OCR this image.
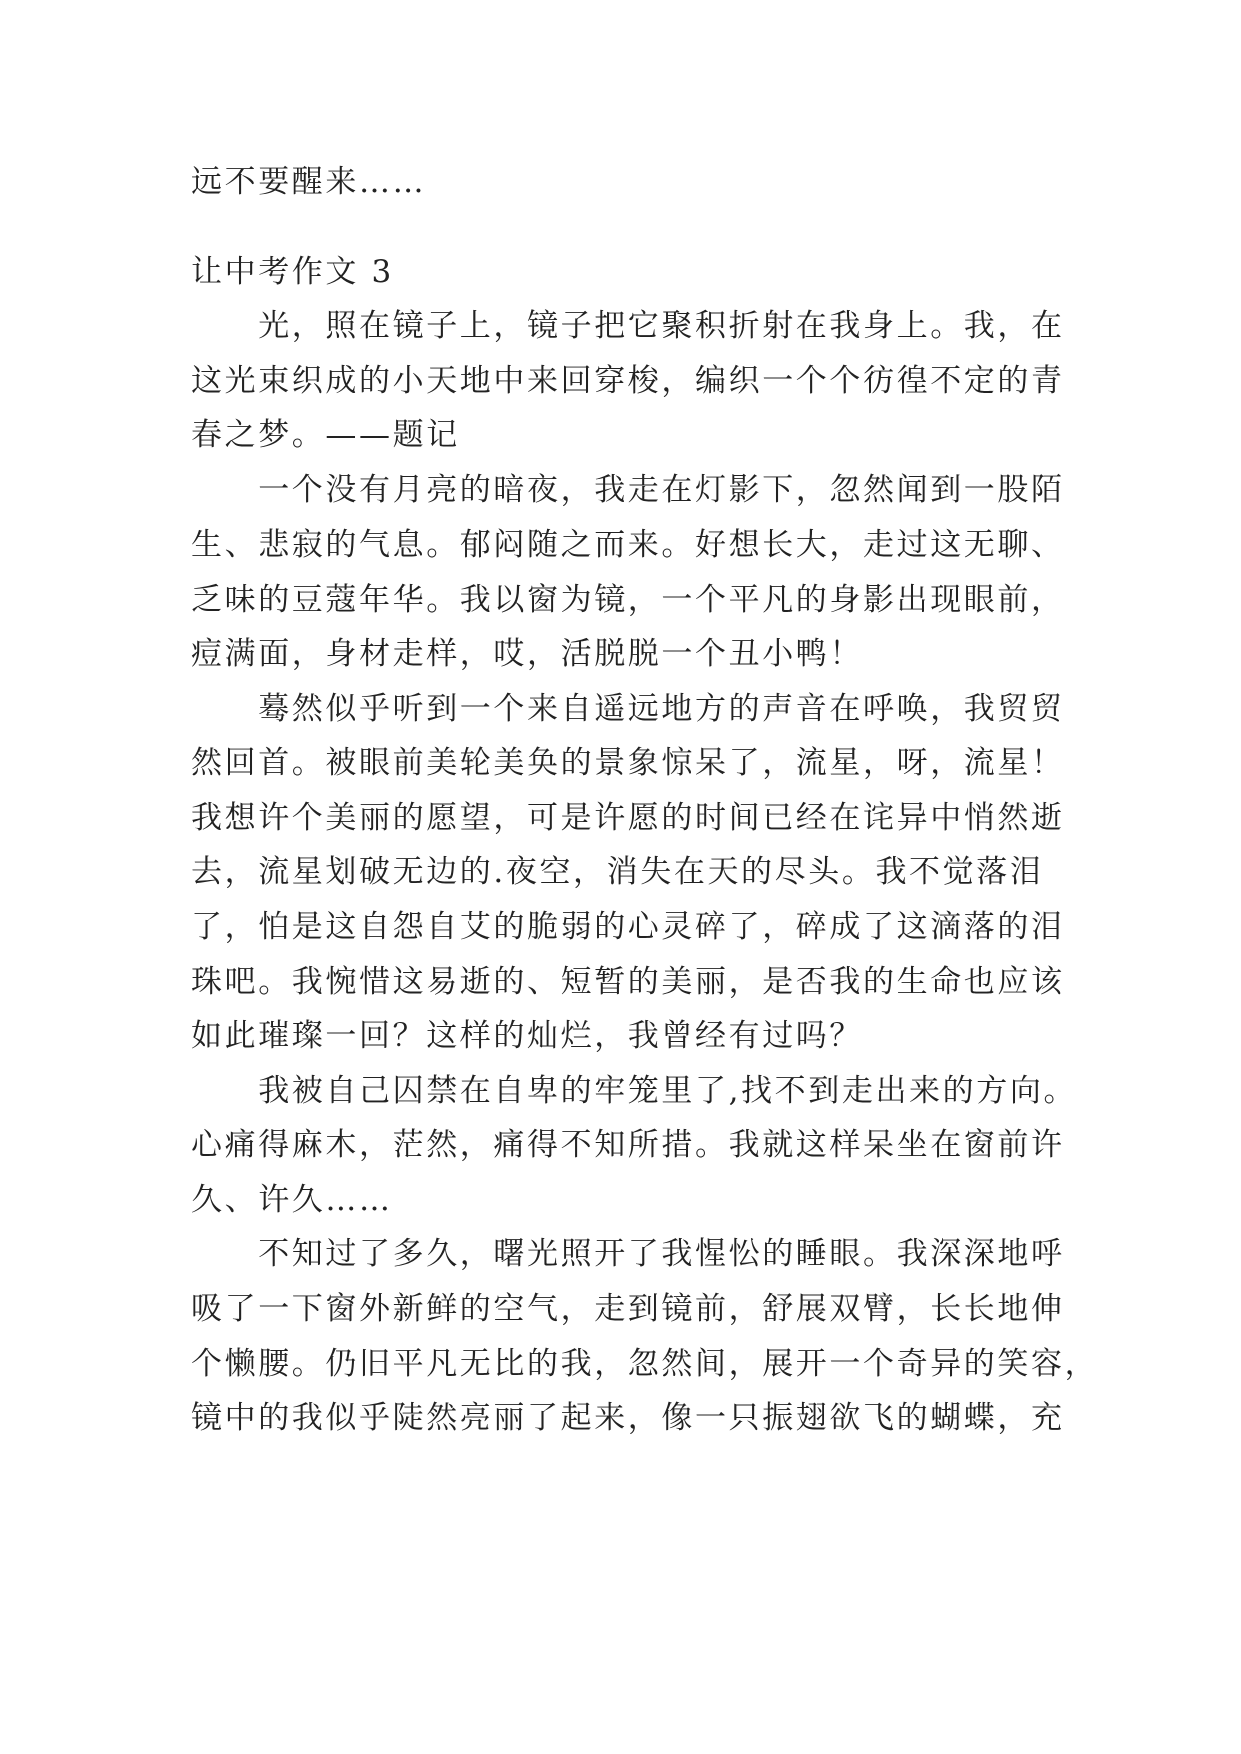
远不要醒来……
让中考作文 3
　　光，照在镜子上，镜子把它聚积折射在我身上。我，在
这光束织成的小天地中来回穿梭，编织一个个彷徨不定的青
春之梦。——题记
　　一个没有月亮的暗夜，我走在灯影下，忽然闻到一股陌
生、悲寂的气息。郁闷随之而来。好想长大，走过这无聊、
乏味的豆蔻年华。我以窗为镜，一个平凡的身影出现眼前，
痘满面，身材走样，哎，活脱脱一个丑小鸭！
　　蓦然似乎听到一个来自遥远地方的声音在呼唤，我贸贸
然回首。被眼前美轮美奂的景象惊呆了，流星，呀，流星！
我想许个美丽的愿望，可是许愿的时间已经在诧异中悄然逝
去，流星划破无边的.夜空，消失在天的尽头。我不觉落泪
了，怕是这自怨自艾的脆弱的心灵碎了，碎成了这滴落的泪
珠吧。我惋惜这易逝的、短暂的美丽，是否我的生命也应该
如此璀璨一回？这样的灿烂，我曾经有过吗？
　　我被自己囚禁在自卑的牢笼里了,找不到走出来的方向。
心痛得麻木，茫然，痛得不知所措。我就这样呆坐在窗前许
久、许久……
　　不知过了多久，曙光照开了我惺忪的睡眼。我深深地呼
吸了一下窗外新鲜的空气，走到镜前，舒展双臂，长长地伸
个懒腰。仍旧平凡无比的我，忽然间，展开一个奇异的笑容，
镜中的我似乎陡然亮丽了起来，像一只振翅欲飞的蝴蝶，充
